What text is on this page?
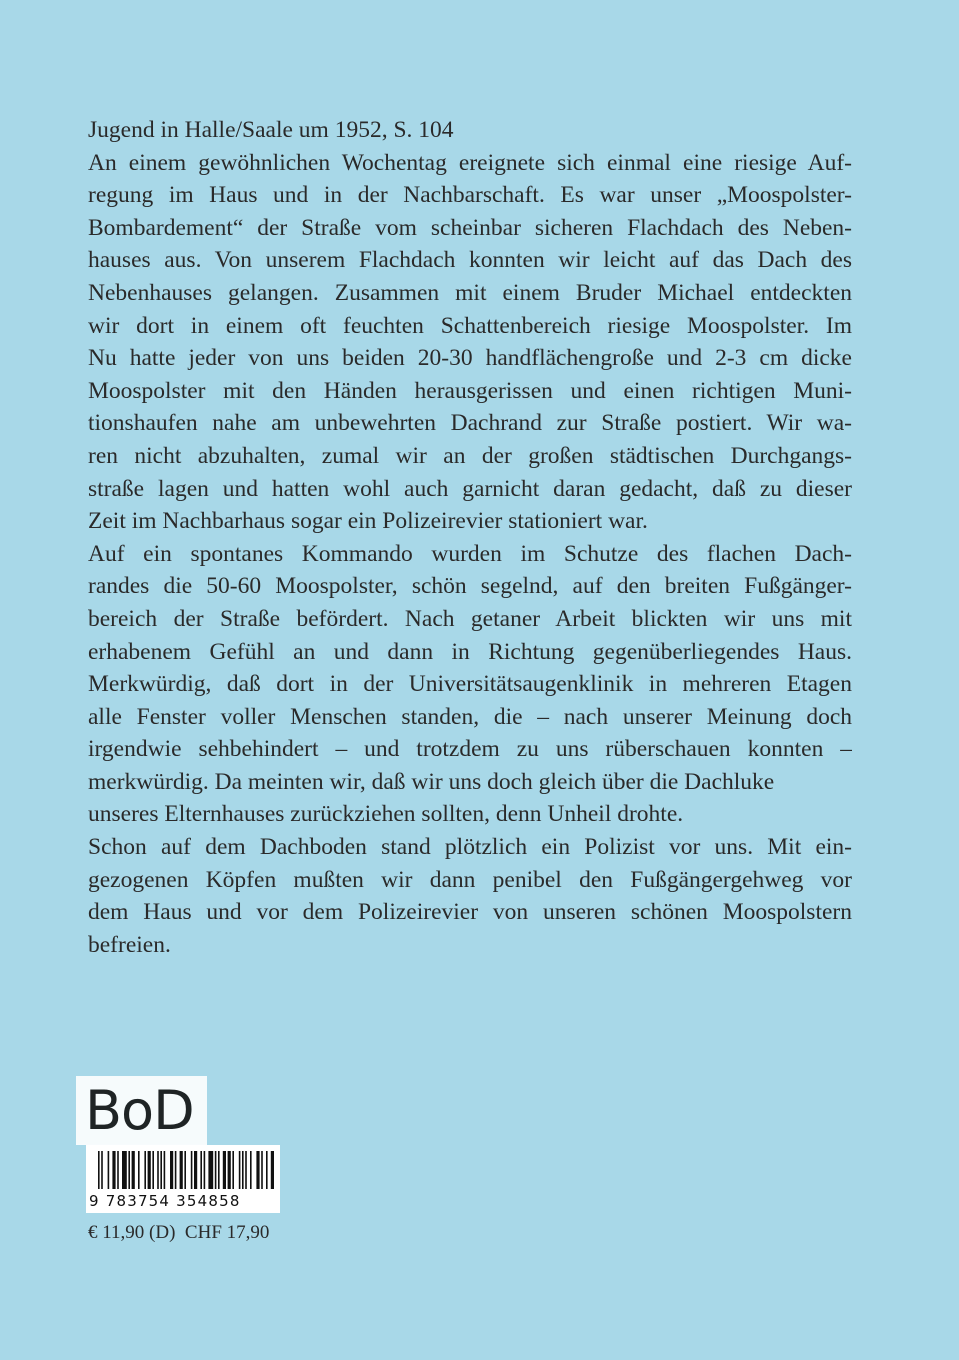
Jugend in Halle/Saale um 1952, S. 104
An einem gewöhnlichen Wochentag ereignete sich einmal eine riesige Auf-
regung im Haus und in der Nachbarschaft. Es war unser „Moospolster-
Bombardement“ der Straße vom scheinbar sicheren Flachdach des Neben-
hauses aus. Von unserem Flachdach konnten wir leicht auf das Dach des
Nebenhauses gelangen. Zusammen mit einem Bruder Michael entdeckten
wir dort in einem oft feuchten Schattenbereich riesige Moospolster. Im
Nu hatte jeder von uns beiden 20-30 handflächengroße und 2-3 cm dicke
Moospolster mit den Händen herausgerissen und einen richtigen Muni-
tionshaufen nahe am unbewehrten Dachrand zur Straße postiert. Wir wa-
ren nicht abzuhalten, zumal wir an der großen städtischen Durchgangs-
straße lagen und hatten wohl auch garnicht daran gedacht, daß zu dieser
Zeit im Nachbarhaus sogar ein Polizeirevier stationiert war.
Auf ein spontanes Kommando wurden im Schutze des flachen Dach-
randes die 50-60 Moospolster, schön segelnd, auf den breiten Fußgänger-
bereich der Straße befördert. Nach getaner Arbeit blickten wir uns mit
erhabenem Gefühl an und dann in Richtung gegenüberliegendes Haus.
Merkwürdig, daß dort in der Universitätsaugenklinik in mehreren Etagen
alle Fenster voller Menschen standen, die – nach unserer Meinung doch
irgendwie sehbehindert – und trotzdem zu uns rüberschauen konnten –
merkwürdig. Da meinten wir, daß wir uns doch gleich über die Dachluke
unseres Elternhauses zurückziehen sollten, denn Unheil drohte.
Schon auf dem Dachboden stand plötzlich ein Polizist vor uns. Mit ein-
gezogenen Köpfen mußten wir dann penibel den Fußgängergehweg vor
dem Haus und vor dem Polizeirevier von unseren schönen Moospolstern
befreien.
BoD
9 783754 354858
€ 11,90 (D)  CHF 17,90
